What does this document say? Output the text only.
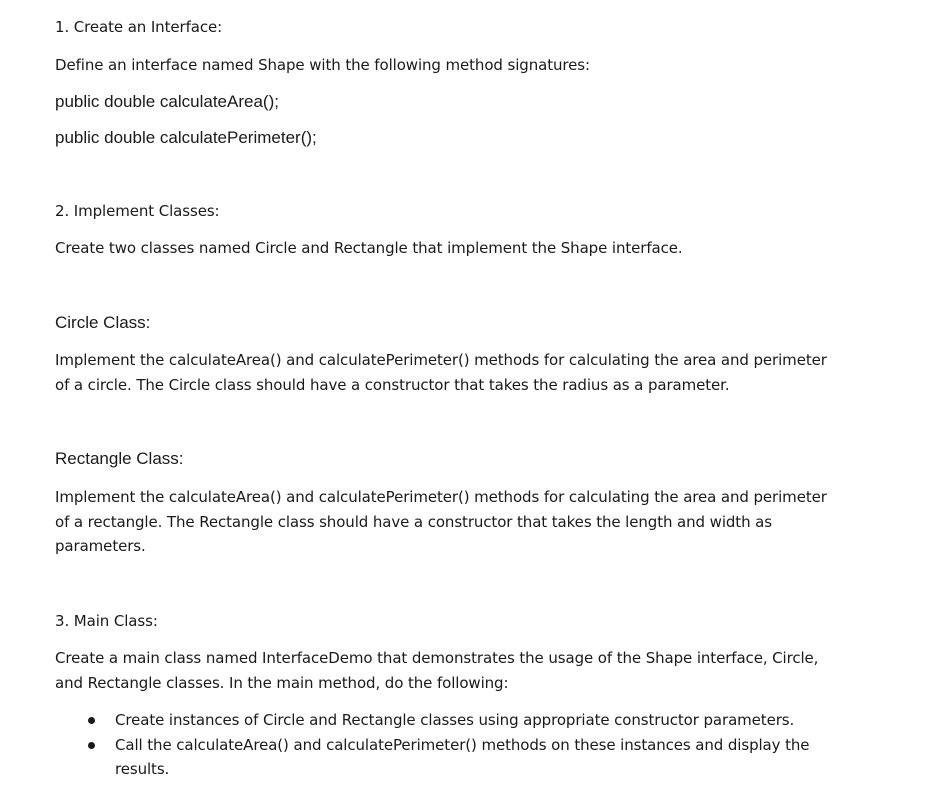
1. Create an Interface:

Define an interface named Shape with the following method signatures:

public double calculateArea();

public double calculatePerimeter();

2. Implement Classes:

Create two classes named Circle and Rectangle that implement the Shape interface.

Circle Class:

Implement the calculateArea() and calculatePerimeter() methods for calculating the area and perimeter
of a circle. The Circle class should have a constructor that takes the radius as a parameter.

Rectangle Class:

Implement the calculateArea() and calculatePerimeter() methods for calculating the area and perimeter
of a rectangle. The Rectangle class should have a constructor that takes the length and width as
parameters.

3. Main Class:

Create a main class named InterfaceDemo that demonstrates the usage of the Shape interface, Circle,
and Rectangle classes. In the main method, do the following:

Create instances of Circle and Rectangle classes using appropriate constructor parameters.
Call the calculateArea() and calculatePerimeter() methods on these instances and display the
results.
